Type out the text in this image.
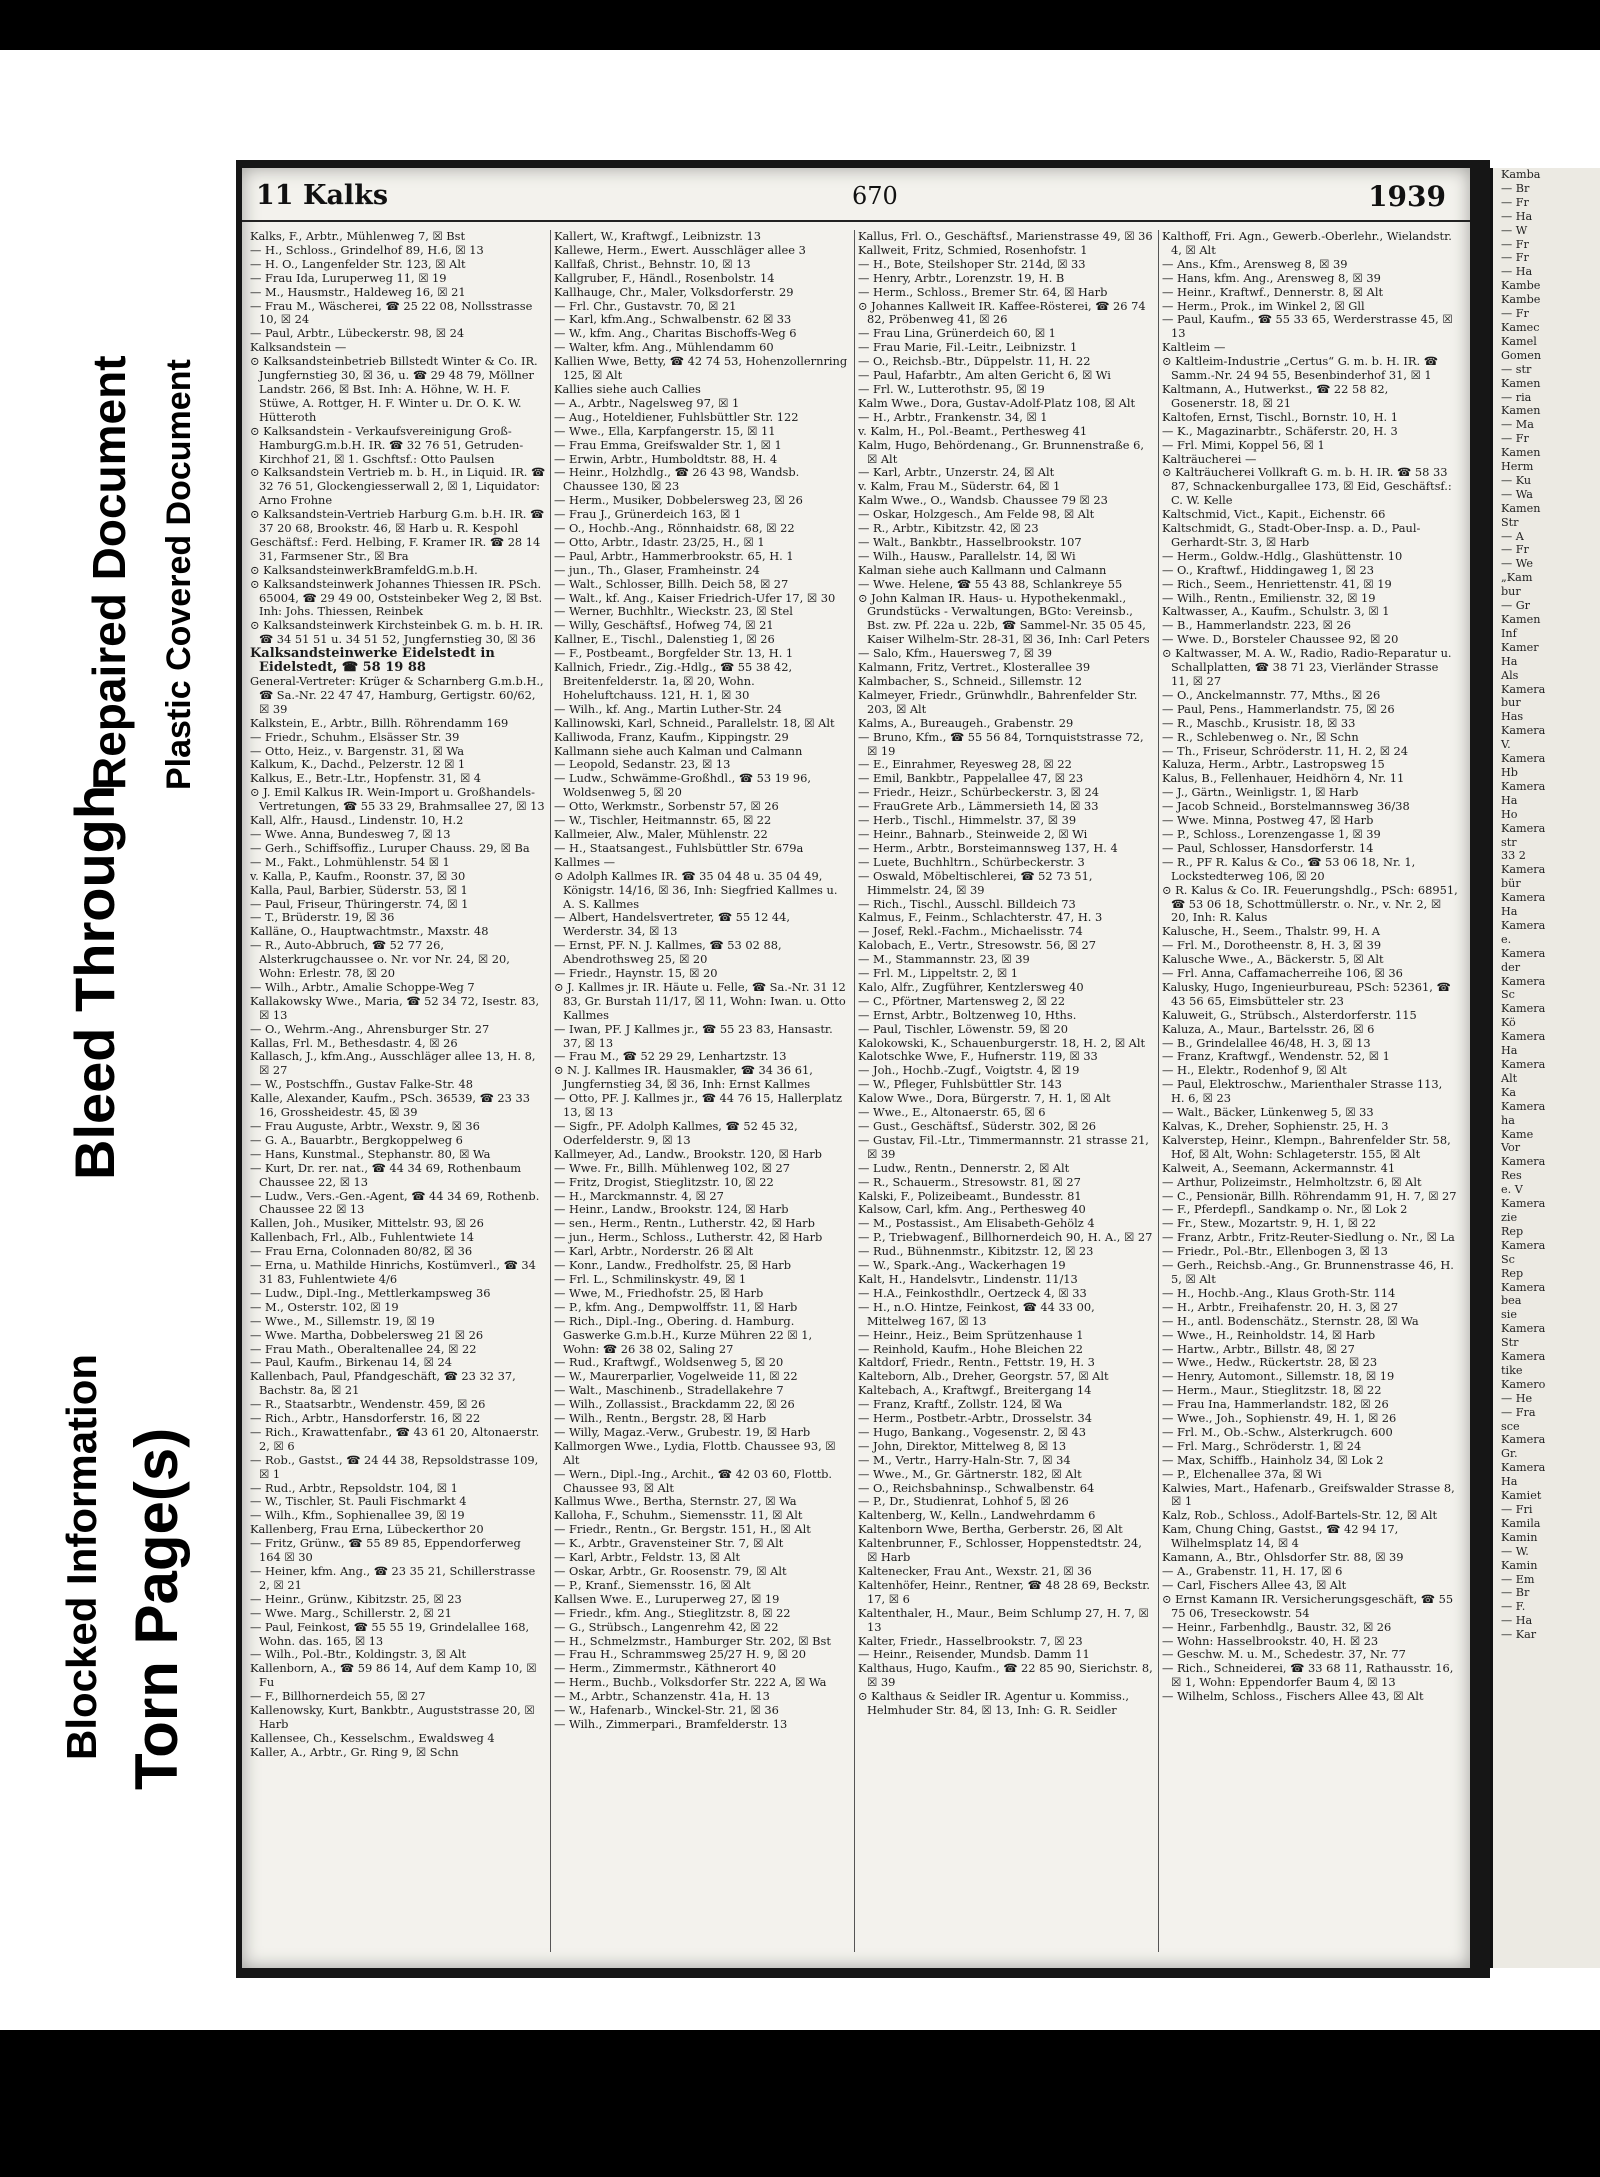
Blocked Information
Bleed Through
Torn Page(s)
Repaired Document Plastic Covered Document
11 Kalks	670	1939

Kalks, F., Arbtr., Mühlenweg 7, ☒ Bst

— H., Schloss., Grindelhof 89, H.6, ☒ 13

— H. O., Langenfelder Str. 123, ☒ Alt

— Frau Ida, Luruperweg 11, ☒ 19

— M., Hausmstr., Haldeweg 16, ☒ 21

— Frau M., Wäscherei, ☎ 25 22 08, Nollsstrasse 10, ☒ 24

— Paul, Arbtr., Lübeckerstr. 98, ☒ 24

Kalksandstein —

⊙ Kalksandsteinbetrieb Billstedt Winter & Co. IR. Jungfernstieg 30, ☒ 36, u. ☎ 29 48 79, Möllner Landstr. 266, ☒ Bst. Inh: A. Höhne, W. H. F. Stüwe, A. Rottger, H. F. Winter u. Dr. O. K. W. Hütteroth

⊙ Kalksandstein - Verkaufsvereinigung Groß-HamburgG.m.b.H. IR. ☎ 32 76 51, Getruden-Kirchhof 21, ☒ 1. Gschftsf.: Otto Paulsen

⊙ Kalksandstein Vertrieb m. b. H., in Liquid. IR. ☎ 32 76 51, Glockengiesserwall 2, ☒ 1, Liquidator: Arno Frohne

⊙ Kalksandstein-Vertrieb Harburg G.m. b.H. IR. ☎ 37 20 68, Brookstr. 46, ☒ Harb u. R. Kespohl

Geschäftsf.: Ferd. Helbing, F. Kramer IR. ☎ 28 14 31, Farmsener Str., ☒ Bra

⊙ KalksandsteinwerkBramfeldG.m.b.H.

⊙ Kalksandsteinwerk Johannes Thiessen IR. PSch. 65004, ☎ 29 49 00, Oststeinbeker Weg 2, ☒ Bst. Inh: Johs. Thiessen, Reinbek

⊙ Kalksandsteinwerk Kirchsteinbek G. m. b. H. IR. ☎ 34 51 51 u. 34 51 52, Jungfernstieg 30, ☒ 36

Kalksandsteinwerke Eidelstedt in Eidelstedt, ☎ 58 19 88

General-Vertreter: Krüger & Scharnberg G.m.b.H., ☎ Sa.-Nr. 22 47 47, Hamburg, Gertigstr. 60/62, ☒ 39

Kalkstein, E., Arbtr., Billh. Röhrendamm 169

— Friedr., Schuhm., Elsässer Str. 39

— Otto, Heiz., v. Bargenstr. 31, ☒ Wa

Kalkum, K., Dachd., Pelzerstr. 12 ☒ 1

Kalkus, E., Betr.-Ltr., Hopfenstr. 31, ☒ 4

⊙ J. Emil Kalkus IR. Wein-Import u. Großhandels-Vertretungen, ☎ 55 33 29, Brahmsallee 27, ☒ 13

Kall, Alfr., Hausd., Lindenstr. 10, H.2

— Wwe. Anna, Bundesweg 7, ☒ 13

— Gerh., Schiffsoffiz., Luruper Chauss. 29, ☒ Ba

— M., Fakt., Lohmühlenstr. 54 ☒ 1

v. Kalla, P., Kaufm., Roonstr. 37, ☒ 30

Kalla, Paul, Barbier, Süderstr. 53, ☒ 1

— Paul, Friseur, Thüringerstr. 74, ☒ 1

— T., Brüderstr. 19, ☒ 36

Kalläne, O., Hauptwachtmstr., Maxstr. 48

— R., Auto-Abbruch, ☎ 52 77 26, Alsterkrugchaussee o. Nr. vor Nr. 24, ☒ 20, Wohn: Erlestr. 78, ☒ 20

— Wilh., Arbtr., Amalie Schoppe-Weg 7

Kallakowsky Wwe., Maria, ☎ 52 34 72, Isestr. 83, ☒ 13

— O., Wehrm.-Ang., Ahrensburger Str. 27

Kallas, Frl. M., Bethesdastr. 4, ☒ 26

Kallasch, J., kfm.Ang., Ausschläger allee 13, H. 8, ☒ 27

— W., Postschffn., Gustav Falke-Str. 48

Kalle, Alexander, Kaufm., PSch. 36539, ☎ 23 33 16, Grossheidestr. 45, ☒ 39

— Frau Auguste, Arbtr., Wexstr. 9, ☒ 36

— G. A., Bauarbtr., Bergkoppelweg 6

— Hans, Kunstmal., Stephanstr. 80, ☒ Wa

— Kurt, Dr. rer. nat., ☎ 44 34 69, Rothenbaum Chaussee 22, ☒ 13

— Ludw., Vers.-Gen.-Agent, ☎ 44 34 69, Rothenb. Chaussee 22 ☒ 13

Kallen, Joh., Musiker, Mittelstr. 93, ☒ 26

Kallenbach, Frl., Alb., Fuhlentwiete 14

— Frau Erna, Colonnaden 80/82, ☒ 36

— Erna, u. Mathilde Hinrichs, Kostümverl., ☎ 34 31 83, Fuhlentwiete 4/6

— Ludw., Dipl.-Ing., Mettlerkampsweg 36

— M., Osterstr. 102, ☒ 19

— Wwe., M., Sillemstr. 19, ☒ 19

— Wwe. Martha, Dobbelersweg 21 ☒ 26

— Frau Math., Oberaltenallee 24, ☒ 22

— Paul, Kaufm., Birkenau 14, ☒ 24

Kallenbach, Paul, Pfandgeschäft, ☎ 23 32 37, Bachstr. 8a, ☒ 21

— R., Staatsarbtr., Wendenstr. 459, ☒ 26

— Rich., Arbtr., Hansdorferstr. 16, ☒ 22

— Rich., Krawattenfabr., ☎ 43 61 20, Altonaerstr. 2, ☒ 6

— Rob., Gastst., ☎ 24 44 38, Repsoldstrasse 109, ☒ 1

— Rud., Arbtr., Repsoldstr. 104, ☒ 1

— W., Tischler, St. Pauli Fischmarkt 4

— Wilh., Kfm., Sophienallee 39, ☒ 19

Kallenberg, Frau Erna, Lübeckerthor 20

— Fritz, Grünw., ☎ 55 89 85, Eppendorferweg 164 ☒ 30

— Heiner, kfm. Ang., ☎ 23 35 21, Schillerstrasse 2, ☒ 21

— Heinr., Grünw., Kibitzstr. 25, ☒ 23

— Wwe. Marg., Schillerstr. 2, ☒ 21

— Paul, Feinkost, ☎ 55 55 19, Grindelallee 168, Wohn. das. 165, ☒ 13

— Wilh., Pol.-Btr., Koldingstr. 3, ☒ Alt

Kallenborn, A., ☎ 59 86 14, Auf dem Kamp 10, ☒ Fu

— F., Billhornerdeich 55, ☒ 27

Kallenowsky, Kurt, Bankbtr., Auguststrasse 20, ☒ Harb

Kallensee, Ch., Kesselschm., Ewaldsweg 4

Kaller, A., Arbtr., Gr. Ring 9, ☒ Schn

Kallert, W., Kraftwgf., Leibnizstr. 13

Kallewe, Herm., Ewert. Ausschläger allee 3

Kallfaß, Christ., Behnstr. 10, ☒ 13

Kallgruber, F., Händl., Rosenbolstr. 14

Kallhauge, Chr., Maler, Volksdorferstr. 29

— Frl. Chr., Gustavstr. 70, ☒ 21

— Karl, kfm.Ang., Schwalbenstr. 62 ☒ 33

— W., kfm. Ang., Charitas Bischoffs-Weg 6

— Walter, kfm. Ang., Mühlendamm 60

Kallien Wwe, Betty, ☎ 42 74 53, Hohenzollernring 125, ☒ Alt

Kallies siehe auch Callies

— A., Arbtr., Nagelsweg 97, ☒ 1

— Aug., Hoteldiener, Fuhlsbüttler Str. 122

— Wwe., Ella, Karpfangerstr. 15, ☒ 11

— Frau Emma, Greifswalder Str. 1, ☒ 1

— Erwin, Arbtr., Humboldtstr. 88, H. 4

— Heinr., Holzhdlg., ☎ 26 43 98, Wandsb. Chaussee 130, ☒ 23

— Herm., Musiker, Dobbelersweg 23, ☒ 26

— Frau J., Grünerdeich 163, ☒ 1

— O., Hochb.-Ang., Rönnhaidstr. 68, ☒ 22

— Otto, Arbtr., Idastr. 23/25, H., ☒ 1

— Paul, Arbtr., Hammerbrookstr. 65, H. 1

— jun., Th., Glaser, Framheinstr. 24

— Walt., Schlosser, Billh. Deich 58, ☒ 27

— Walt., kf. Ang., Kaiser Friedrich-Ufer 17, ☒ 30

— Werner, Buchhltr., Wieckstr. 23, ☒ Stel

— Willy, Geschäftsf., Hofweg 74, ☒ 21

Kallner, E., Tischl., Dalenstieg 1, ☒ 26

— F., Postbeamt., Borgfelder Str. 13, H. 1

Kallnich, Friedr., Zig.-Hdlg., ☎ 55 38 42, Breitenfelderstr. 1a, ☒ 20, Wohn. Hoheluftchauss. 121, H. 1, ☒ 30

— Wilh., kf. Ang., Martin Luther-Str. 24

Kallinowski, Karl, Schneid., Parallelstr. 18, ☒ Alt

Kalliwoda, Franz, Kaufm., Kippingstr. 29

Kallmann siehe auch Kalman und Calmann

— Leopold, Sedanstr. 23, ☒ 13

— Ludw., Schwämme-Großhdl., ☎ 53 19 96, Woldsenweg 5, ☒ 20

— Otto, Werkmstr., Sorbenstr 57, ☒ 26

— W., Tischler, Heitmannstr. 65, ☒ 22

Kallmeier, Alw., Maler, Mühlenstr. 22

— H., Staatsangest., Fuhlsbüttler Str. 679a

Kallmes —

⊙ Adolph Kallmes IR. ☎ 35 04 48 u. 35 04 49, Königstr. 14/16, ☒ 36, Inh: Siegfried Kallmes u. A. S. Kallmes

— Albert, Handelsvertreter, ☎ 55 12 44, Werderstr. 34, ☒ 13

— Ernst, PF. N. J. Kallmes, ☎ 53 02 88, Abendrothsweg 25, ☒ 20

— Friedr., Haynstr. 15, ☒ 20

⊙ J. Kallmes jr. IR. Häute u. Felle, ☎ Sa.-Nr. 31 12 83, Gr. Burstah 11/17, ☒ 11, Wohn: Iwan. u. Otto Kallmes

— Iwan, PF. J Kallmes jr., ☎ 55 23 83, Hansastr. 37, ☒ 13

— Frau M., ☎ 52 29 29, Lenhartzstr. 13

⊙ N. J. Kallmes IR. Hausmakler, ☎ 34 36 61, Jungfernstieg 34, ☒ 36, Inh: Ernst Kallmes

— Otto, PF. J. Kallmes jr., ☎ 44 76 15, Hallerplatz 13, ☒ 13

— Sigfr., PF. Adolph Kallmes, ☎ 52 45 32, Oderfelderstr. 9, ☒ 13

Kallmeyer, Ad., Landw., Brookstr. 120, ☒ Harb

— Wwe. Fr., Billh. Mühlenweg 102, ☒ 27

— Fritz, Drogist, Stieglitzstr. 10, ☒ 22

— H., Marckmannstr. 4, ☒ 27

— Heinr., Landw., Brookstr. 124, ☒ Harb

— sen., Herm., Rentn., Lutherstr. 42, ☒ Harb

— jun., Herm., Schloss., Lutherstr. 42, ☒ Harb

— Karl, Arbtr., Norderstr. 26 ☒ Alt

— Konr., Landw., Fredholfstr. 25, ☒ Harb

— Frl. L., Schmilinskystr. 49, ☒ 1

— Wwe, M., Friedhofstr. 25, ☒ Harb

— P., kfm. Ang., Dempwolffstr. 11, ☒ Harb

— Rich., Dipl.-Ing., Obering. d. Hamburg. Gaswerke G.m.b.H., Kurze Mühren 22 ☒ 1, Wohn: ☎ 26 38 02, Saling 27

— Rud., Kraftwgf., Woldsenweg 5, ☒ 20

— W., Maurerparlier, Vogelweide 11, ☒ 22

— Walt., Maschinenb., Stradellakehre 7

— Wilh., Zollassist., Brackdamm 22, ☒ 26

— Wilh., Rentn., Bergstr. 28, ☒ Harb

— Willy, Magaz.-Verw., Grubestr. 19, ☒ Harb

Kallmorgen Wwe., Lydia, Flottb. Chaussee 93, ☒ Alt

— Wern., Dipl.-Ing., Archit., ☎ 42 03 60, Flottb. Chaussee 93, ☒ Alt

Kallmus Wwe., Bertha, Sternstr. 27, ☒ Wa

Kalloha, F., Schuhm., Siemensstr. 11, ☒ Alt

— Friedr., Rentn., Gr. Bergstr. 151, H., ☒ Alt

— K., Arbtr., Gravensteiner Str. 7, ☒ Alt

— Karl, Arbtr., Feldstr. 13, ☒ Alt

— Oskar, Arbtr., Gr. Roosenstr. 79, ☒ Alt

— P., Kranf., Siemensstr. 16, ☒ Alt

Kallsen Wwe. E., Luruperweg 27, ☒ 19

— Friedr., kfm. Ang., Stieglitzstr. 8, ☒ 22

— G., Strübsch., Langenrehm 42, ☒ 22

— H., Schmelzmstr., Hamburger Str. 202, ☒ Bst

— Frau H., Schrammsweg 25/27 H. 9, ☒ 20

— Herm., Zimmermstr., Käthnerort 40

— Herm., Buchb., Volksdorfer Str. 222 A, ☒ Wa

— M., Arbtr., Schanzenstr. 41a, H. 13

— W., Hafenarb., Winckel-Str. 21, ☒ 36

— Wilh., Zimmerpari., Bramfelderstr. 13

Kallus, Frl. O., Geschäftsf., Marienstrasse 49, ☒ 36

Kallweit, Fritz, Schmied, Rosenhofstr. 1

— H., Bote, Steilshoper Str. 214d, ☒ 33

— Henry, Arbtr., Lorenzstr. 19, H. B

— Herm., Schloss., Bremer Str. 64, ☒ Harb

⊙ Johannes Kallweit IR. Kaffee-Rösterei, ☎ 26 74 82, Pröbenweg 41, ☒ 26

— Frau Lina, Grünerdeich 60, ☒ 1

— Frau Marie, Fil.-Leitr., Leibnizstr. 1

— O., Reichsb.-Btr., Düppelstr. 11, H. 22

— Paul, Hafarbtr., Am alten Gericht 6, ☒ Wi

— Frl. W., Lutterothstr. 95, ☒ 19

Kalm Wwe., Dora, Gustav-Adolf-Platz 108, ☒ Alt

— H., Arbtr., Frankenstr. 34, ☒ 1

v. Kalm, H., Pol.-Beamt., Perthesweg 41

Kalm, Hugo, Behördenang., Gr. Brunnenstraße 6, ☒ Alt

— Karl, Arbtr., Unzerstr. 24, ☒ Alt

v. Kalm, Frau M., Süderstr. 64, ☒ 1

Kalm Wwe., O., Wandsb. Chaussee 79 ☒ 23

— Oskar, Holzgesch., Am Felde 98, ☒ Alt

— R., Arbtr., Kibitzstr. 42, ☒ 23

— Walt., Bankbtr., Hasselbrookstr. 107

— Wilh., Hausw., Parallelstr. 14, ☒ Wi

Kalman siehe auch Kallmann und Calmann

— Wwe. Helene, ☎ 55 43 88, Schlankreye 55

⊙ John Kalman IR. Haus- u. Hypothekenmakl., Grundstücks - Verwaltungen, BGto: Vereinsb., Bst. zw. Pf. 22a u. 22b, ☎ Sammel-Nr. 35 05 45, Kaiser Wilhelm-Str. 28-31, ☒ 36, Inh: Carl Peters

— Salo, Kfm., Hauersweg 7, ☒ 39

Kalmann, Fritz, Vertret., Klosterallee 39

Kalmbacher, S., Schneid., Sillemstr. 12

Kalmeyer, Friedr., Grünwhdlr., Bahrenfelder Str. 203, ☒ Alt

Kalms, A., Bureaugeh., Grabenstr. 29

— Bruno, Kfm., ☎ 55 56 84, Tornquiststrasse 72, ☒ 19

— E., Einrahmer, Reyesweg 28, ☒ 22

— Emil, Bankbtr., Pappelallee 47, ☒ 23

— Friedr., Heizr., Schürbeckerstr. 3, ☒ 24

— FrauGrete Arb., Lämmersieth 14, ☒ 33

— Herb., Tischl., Himmelstr. 37, ☒ 39

— Heinr., Bahnarb., Steinweide 2, ☒ Wi

— Herm., Arbtr., Borsteimannsweg 137, H. 4

— Luete, Buchhltrn., Schürbeckerstr. 3

— Oswald, Möbeltischlerei, ☎ 52 73 51, Himmelstr. 24, ☒ 39

— Rich., Tischl., Ausschl. Billdeich 73

Kalmus, F., Feinm., Schlachterstr. 47, H. 3

— Josef, Rekl.-Fachm., Michaelisstr. 74

Kalobach, E., Vertr., Stresowstr. 56, ☒ 27

— M., Stammannstr. 23, ☒ 39

— Frl. M., Lippeltstr. 2, ☒ 1

Kalo, Alfr., Zugführer, Kentzlersweg 40

— C., Pförtner, Martensweg 2, ☒ 22

— Ernst, Arbtr., Boltzenweg 10, Hths.

— Paul, Tischler, Löwenstr. 59, ☒ 20

Kalokowski, K., Schauenburgerstr. 18, H. 2, ☒ Alt

Kalotschke Wwe, F., Hufnerstr. 119, ☒ 33

— Joh., Hochb.-Zugf., Voigtstr. 4, ☒ 19

— W., Pfleger, Fuhlsbüttler Str. 143

Kalow Wwe., Dora, Bürgerstr. 7, H. 1, ☒ Alt

— Wwe., E., Altonaerstr. 65, ☒ 6

— Gust., Geschäftsf., Süderstr. 302, ☒ 26

— Gustav, Fil.-Ltr., Timmermannstr. 21 strasse 21, ☒ 39

— Ludw., Rentn., Dennerstr. 2, ☒ Alt

— R., Schauerm., Stresowstr. 81, ☒ 27

Kalski, F., Polizeibeamt., Bundesstr. 81

Kalsow, Carl, kfm. Ang., Perthesweg 40

— M., Postassist., Am Elisabeth-Gehölz 4

— P., Triebwagenf., Billhornerdeich 90, H. A., ☒ 27

— Rud., Bühnenmstr., Kibitzstr. 12, ☒ 23

— W., Spark.-Ang., Wackerhagen 19

Kalt, H., Handelsvtr., Lindenstr. 11/13

— H.A., Feinkosthdlr., Oertzeck 4, ☒ 33

— H., n.O. Hintze, Feinkost, ☎ 44 33 00, Mittelweg 167, ☒ 13

— Heinr., Heiz., Beim Sprützenhause 1

— Reinhold, Kaufm., Hohe Bleichen 22

Kaltdorf, Friedr., Rentn., Fettstr. 19, H. 3

Kalteborn, Alb., Dreher, Georgstr. 57, ☒ Alt

Kaltebach, A., Kraftwgf., Breitergang 14

— Franz, Kraftf., Zollstr. 124, ☒ Wa

— Herm., Postbetr.-Arbtr., Drosselstr. 34

— Hugo, Bankang., Vogesenstr. 2, ☒ 43

— John, Direktor, Mittelweg 8, ☒ 13

— M., Vertr., Harry-Haln-Str. 7, ☒ 34

— Wwe., M., Gr. Gärtnerstr. 182, ☒ Alt

— O., Reichsbahninsp., Schwalbenstr. 64

— P., Dr., Studienrat, Lohhof 5, ☒ 26

Kaltenberg, W., Kelln., Landwehrdamm 6

Kaltenborn Wwe, Bertha, Gerberstr. 26, ☒ Alt

Kaltenbrunner, F., Schlosser, Hoppenstedtstr. 24, ☒ Harb

Kaltenecker, Frau Ant., Wexstr. 21, ☒ 36

Kaltenhöfer, Heinr., Rentner, ☎ 48 28 69, Beckstr. 17, ☒ 6

Kaltenthaler, H., Maur., Beim Schlump 27, H. 7, ☒ 13

Kalter, Friedr., Hasselbrookstr. 7, ☒ 23

— Heinr., Reisender, Mundsb. Damm 11

Kalthaus, Hugo, Kaufm., ☎ 22 85 90, Sierichstr. 8, ☒ 39

⊙ Kalthaus & Seidler IR. Agentur u. Kommiss., Helmhuder Str. 84, ☒ 13, Inh: G. R. Seidler

Kalthoff, Fri. Agn., Gewerb.-Oberlehr., Wielandstr. 4, ☒ Alt

— Ans., Kfm., Arensweg 8, ☒ 39

— Hans, kfm. Ang., Arensweg 8, ☒ 39

— Heinr., Kraftwf., Dennerstr. 8, ☒ Alt

— Herm., Prok., im Winkel 2, ☒ Gll

— Paul, Kaufm., ☎ 55 33 65, Werderstrasse 45, ☒ 13

Kaltleim —

⊙ Kaltleim-Industrie „Certus“ G. m. b. H. IR. ☎ Samm.-Nr. 24 94 55, Besenbinderhof 31, ☒ 1

Kaltmann, A., Hutwerkst., ☎ 22 58 82, Gosenerstr. 18, ☒ 21

Kaltofen, Ernst, Tischl., Bornstr. 10, H. 1

— K., Magazinarbtr., Schäferstr. 20, H. 3

— Frl. Mimi, Koppel 56, ☒ 1

Kalträucherei —

⊙ Kalträucherei Vollkraft G. m. b. H. IR. ☎ 58 33 87, Schnackenburgallee 173, ☒ Eid, Geschäftsf.: C. W. Kelle

Kaltschmid, Vict., Kapit., Eichenstr. 66

Kaltschmidt, G., Stadt-Ober-Insp. a. D., Paul-Gerhardt-Str. 3, ☒ Harb

— Herm., Goldw.-Hdlg., Glashüttenstr. 10

— O., Kraftwf., Hiddingaweg 1, ☒ 23

— Rich., Seem., Henriettenstr. 41, ☒ 19

— Wilh., Rentn., Emilienstr. 32, ☒ 19

Kaltwasser, A., Kaufm., Schulstr. 3, ☒ 1

— B., Hammerlandstr. 223, ☒ 26

— Wwe. D., Borsteler Chaussee 92, ☒ 20

⊙ Kaltwasser, M. A. W., Radio, Radio-Reparatur u. Schallplatten, ☎ 38 71 23, Vierländer Strasse 11, ☒ 27

— O., Anckelmannstr. 77, Mths., ☒ 26

— Paul, Pens., Hammerlandstr. 75, ☒ 26

— R., Maschb., Krusistr. 18, ☒ 33

— R., Schlebenweg o. Nr., ☒ Schn

— Th., Friseur, Schröderstr. 11, H. 2, ☒ 24

Kaluza, Herm., Arbtr., Lastropsweg 15

Kalus, B., Fellenhauer, Heidhörn 4, Nr. 11

— J., Gärtn., Weinligstr. 1, ☒ Harb

— Jacob Schneid., Borstelmannsweg 36/38

— Wwe. Minna, Postweg 47, ☒ Harb

— P., Schloss., Lorenzengasse 1, ☒ 39

— Paul, Schlosser, Hansdorferstr. 14

— R., PF R. Kalus & Co., ☎ 53 06 18, Nr. 1, Lockstedterweg 106, ☒ 20

⊙ R. Kalus & Co. IR. Feuerungshdlg., PSch: 68951, ☎ 53 06 18, Schottmüllerstr. o. Nr., v. Nr. 2, ☒ 20, Inh: R. Kalus

Kalusche, H., Seem., Thalstr. 99, H. A

— Frl. M., Dorotheenstr. 8, H. 3, ☒ 39

Kalusche Wwe., A., Bäckerstr. 5, ☒ Alt

— Frl. Anna, Caffamacherreihe 106, ☒ 36

Kalusky, Hugo, Ingenieurbureau, PSch: 52361, ☎ 43 56 65, Eimsbütteler str. 23

Kaluweit, G., Strübsch., Alsterdorferstr. 115

Kaluza, A., Maur., Bartelsstr. 26, ☒ 6

— B., Grindelallee 46/48, H. 3, ☒ 13

— Franz, Kraftwgf., Wendenstr. 52, ☒ 1

— H., Elektr., Rodenhof 9, ☒ Alt

— Paul, Elektroschw., Marienthaler Strasse 113, H. 6, ☒ 23

— Walt., Bäcker, Lünkenweg 5, ☒ 33

Kalvas, K., Dreher, Sophienstr. 25, H. 3

Kalverstep, Heinr., Klempn., Bahrenfelder Str. 58, Hof, ☒ Alt, Wohn: Schlageterstr. 155, ☒ Alt

Kalweit, A., Seemann, Ackermannstr. 41

— Arthur, Polizeimstr., Helmholtzstr. 6, ☒ Alt

— C., Pensionär, Billh. Röhrendamm 91, H. 7, ☒ 27

— F., Pferdepfl., Sandkamp o. Nr., ☒ Lok 2

— Fr., Stew., Mozartstr. 9, H. 1, ☒ 22

— Franz, Arbtr., Fritz-Reuter-Siedlung o. Nr., ☒ La

— Friedr., Pol.-Btr., Ellenbogen 3, ☒ 13

— Gerh., Reichsb.-Ang., Gr. Brunnenstrasse 46, H. 5, ☒ Alt

— H., Hochb.-Ang., Klaus Groth-Str. 114

— H., Arbtr., Freihafenstr. 20, H. 3, ☒ 27

— H., antl. Bodenschätz., Sternstr. 28, ☒ Wa

— Wwe., H., Reinholdstr. 14, ☒ Harb

— Hartw., Arbtr., Billstr. 48, ☒ 27

— Wwe., Hedw., Rückertstr. 28, ☒ 23

— Henry, Automont., Sillemstr. 18, ☒ 19

— Herm., Maur., Stieglitzstr. 18, ☒ 22

— Frau Ina, Hammerlandstr. 182, ☒ 26

— Wwe., Joh., Sophienstr. 49, H. 1, ☒ 26

— Frl. M., Ob.-Schw., Alsterkrugch. 600

— Frl. Marg., Schröderstr. 1, ☒ 24

— Max, Schiffb., Hainholz 34, ☒ Lok 2

— P., Elchenallee 37a, ☒ Wi

Kalwies, Mart., Hafenarb., Greifswalder Strasse 8, ☒ 1

Kalz, Rob., Schloss., Adolf-Bartels-Str. 12, ☒ Alt

Kam, Chung Ching, Gastst., ☎ 42 94 17, Wilhelmsplatz 14, ☒ 4

Kamann, A., Btr., Ohlsdorfer Str. 88, ☒ 39

— A., Grabenstr. 11, H. 17, ☒ 6

— Carl, Fischers Allee 43, ☒ Alt

⊙ Ernst Kamann IR. Versicherungsgeschäft, ☎ 55 75 06, Treseckowstr. 54

— Heinr., Farbenhdlg., Baustr. 32, ☒ 26

— Wohn: Hasselbrookstr. 40, H. ☒ 23

— Geschw. M. u. M., Schedestr. 37, Nr. 77

— Rich., Schneiderei, ☎ 33 68 11, Rathausstr. 16, ☒ 1, Wohn: Eppendorfer Baum 4, ☒ 13

— Wilhelm, Schloss., Fischers Allee 43, ☒ Alt

Kamba
— Br
— Fr
— Ha
— W
— Fr
— Fr
— Ha
Kambe
Kambe
— Fr
Kamec
Kamel
Gomen
— str
Kamen
— ria
Kamen
— Ma
— Fr
Kamen
Herm
— Ku
— Wa
Kamen
Str
— A
— Fr
— We
„Kam
bur
— Gr
Kamen
Inf
Kamer
Ha
Als
Kamera
bur
Has
Kamera
V.
Kamera
Hb
Kamera
Ha
Ho
Kamera
str
33 2
Kamera
bür
Kamera
Ha
Kamera
e.
Kamera
der
Kamera
Sc
Kamera
Kö
Kamera
Ha
Kamera
Alt
Ka
Kamera
ha
Kame
Vor
Kamera
Res
e. V
Kamera
zie
Rep
Kamera
Sc
Rep
Kamera
bea
sie
Kamera
Str
Kamera
tike
Kamero
— He
— Fra
sce
Kamera
Gr.
Kamera
Ha
Kamiet
— Fri
Kamila
Kamin
— W.
Kamin
— Em
— Br
— F.
— Ha
— Kar
